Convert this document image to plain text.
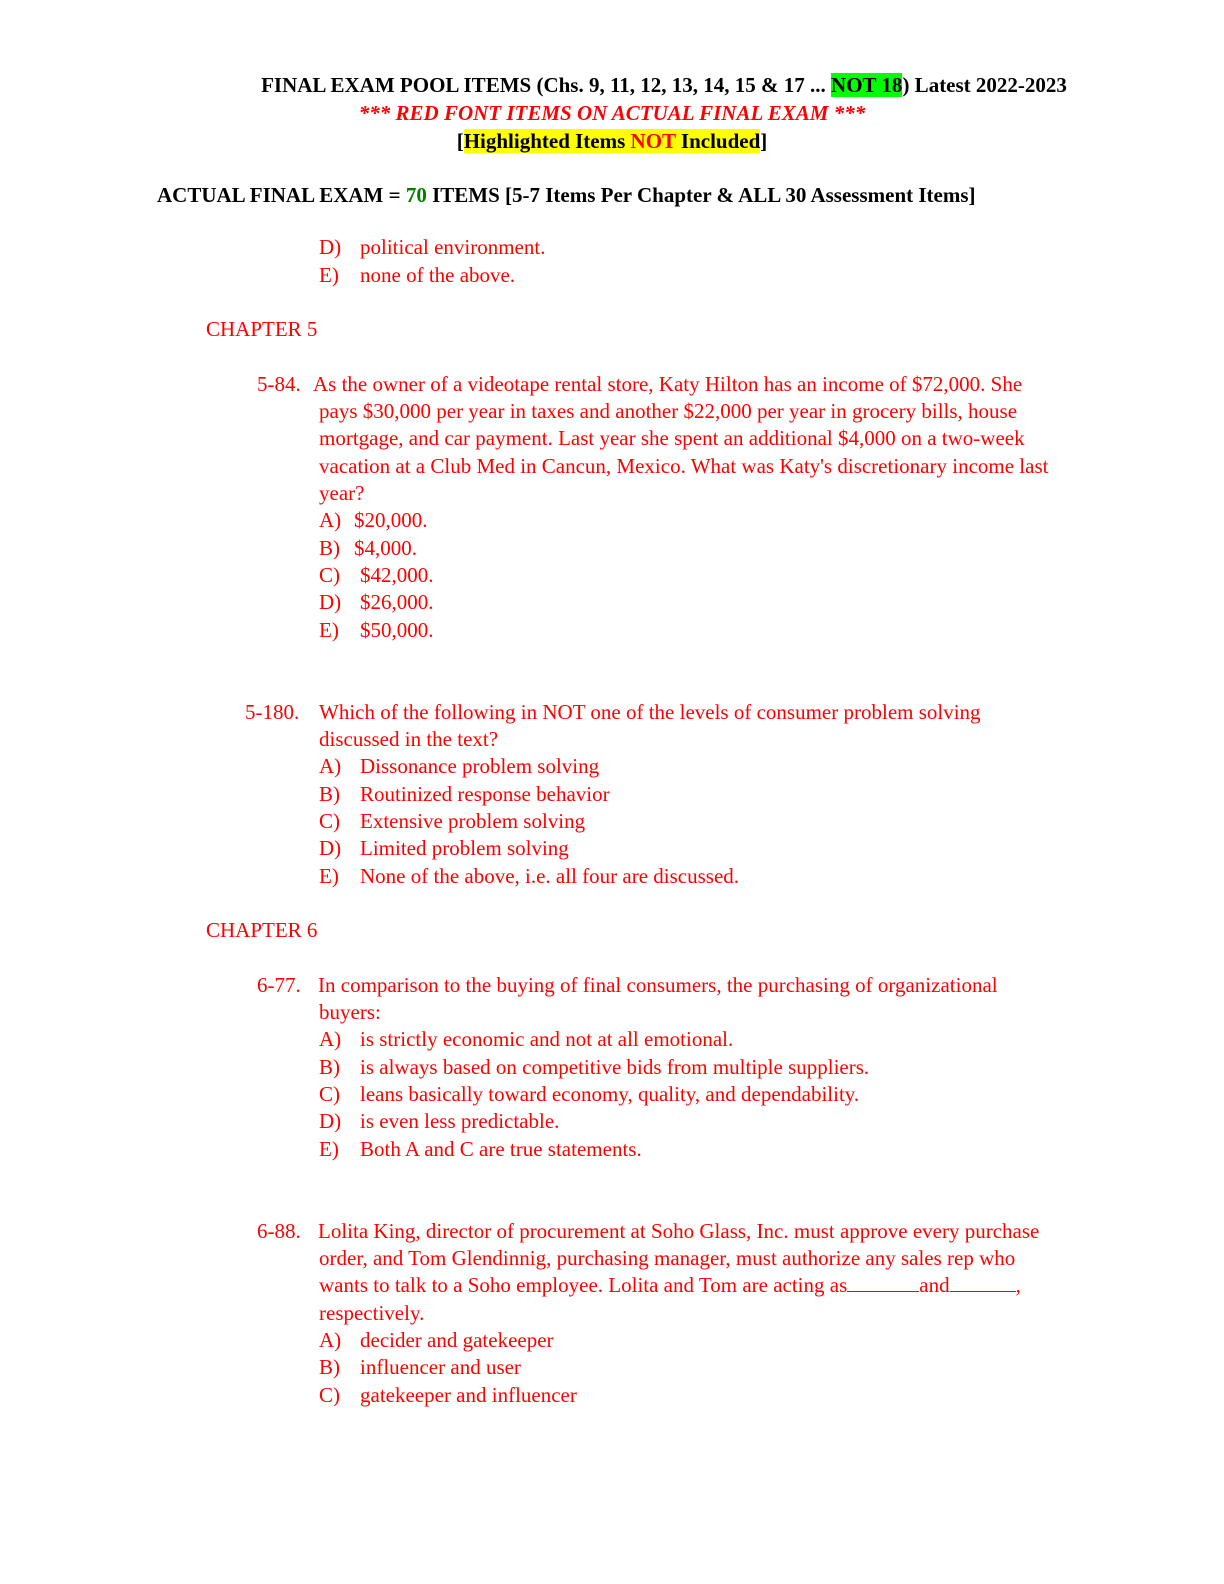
FINAL EXAM POOL ITEMS (Chs. 9, 11, 12, 13, 14, 15 & 17 ... NOT 18) Latest 2022-2023
*** RED FONT ITEMS ON ACTUAL FINAL EXAM ***
[Highlighted Items NOT Included]
ACTUAL FINAL EXAM = 70 ITEMS [5-7 Items Per Chapter & ALL 30 Assessment Items]
D) political environment.
E) none of the above.
CHAPTER 5
5-84. As the owner of a videotape rental store, Katy Hilton has an income of $72,000. She
pays $30,000 per year in taxes and another $22,000 per year in grocery bills, house
mortgage, and car payment. Last year she spent an additional $4,000 on a two-week
vacation at a Club Med in Cancun, Mexico. What was Katy's discretionary income last
year?
A) $20,000.
B) $4,000.
C) $42,000.
D) $26,000.
E) $50,000.
5-180. Which of the following in NOT one of the levels of consumer problem solving
discussed in the text?
A) Dissonance problem solving
B) Routinized response behavior
C) Extensive problem solving
D) Limited problem solving
E) None of the above, i.e. all four are discussed.
CHAPTER 6
6-77. In comparison to the buying of final consumers, the purchasing of organizational
buyers:
A) is strictly economic and not at all emotional.
B) is always based on competitive bids from multiple suppliers.
C) leans basically toward economy, quality, and dependability.
D) is even less predictable.
E) Both A and C are true statements.
6-88. Lolita King, director of procurement at Soho Glass, Inc. must approve every purchase
order, and Tom Glendinnig, purchasing manager, must authorize any sales rep who
wants to talk to a Soho employee. Lolita and Tom are acting as	and	,
respectively.
A) decider and gatekeeper
B) influencer and user
C) gatekeeper and influencer
